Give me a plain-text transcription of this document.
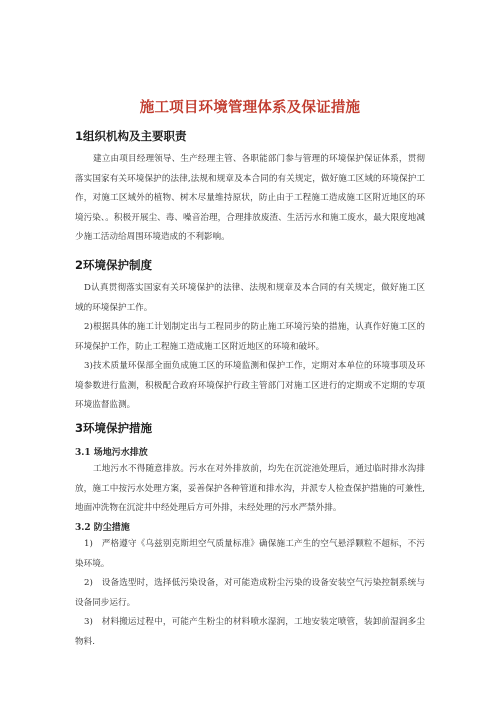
施工项目环境管理体系及保证措施
1组织机构及主要职责

建立由项目经理领导、生产经理主管、各职能部门参与管理的环境保护保证体系，贯彻落实国家有关环境保护的法律,法规和规章及本合同的有关规定，做好施工区域的环境保护工作，对施工区域外的植物、树木尽量维持原状，防止由于工程施工造成施工区附近地区的环境污染、。积极开展尘、毒、噪音治理，合理排放废渣、生活污水和施工废水，最大限度地减少施工活动给周围环境造成的不利影响。

2环境保护制度

D认真贯彻落实国家有关环境保护的法律、法规和规章及本合同的有关规定，做好施工区域的环境保护工作。

2)根据具体的施工计划制定出与工程同步的防止施工环境污染的措施，认真作好施工区的环境保护工作，防止工程施工造成施工区附近地区的环境和破坏。

3)技术质量环保部全面负成施工区的环境监测和保护工作，定期对本单位的环境事项及环境参数进行监测，积极配合政府环境保护行政主管部门对施工区进行的定期或不定期的专项环境监督监测。

3环境保护措施
3.1 场地污水排放

工地污水不得随意排放。污水在对外排放前，均先在沉淀池处理后，通过临时排水沟排放，施工中按污水处理方案，妥善保护各种管道和排水沟，并派专人检查保护措施的可兼性,地面冲洗物在沉淀井中经处理后方可外排，未经处理的污水严禁外排。

3.2 防尘措施

1)　严格遵守《乌兹别克斯坦空气质量标准》确保施工产生的空气悬浮颗粒不超标，不污染环境。

2)　设备选型时，选择低污染设备，对可能造成粉尘污染的设备安装空气污染控制系统与设备同步运行。

3)　材料搬运过程中，可能产生粉尘的材料喷水湿润，工地安装定喷管，装卸前湿润多尘物料.
